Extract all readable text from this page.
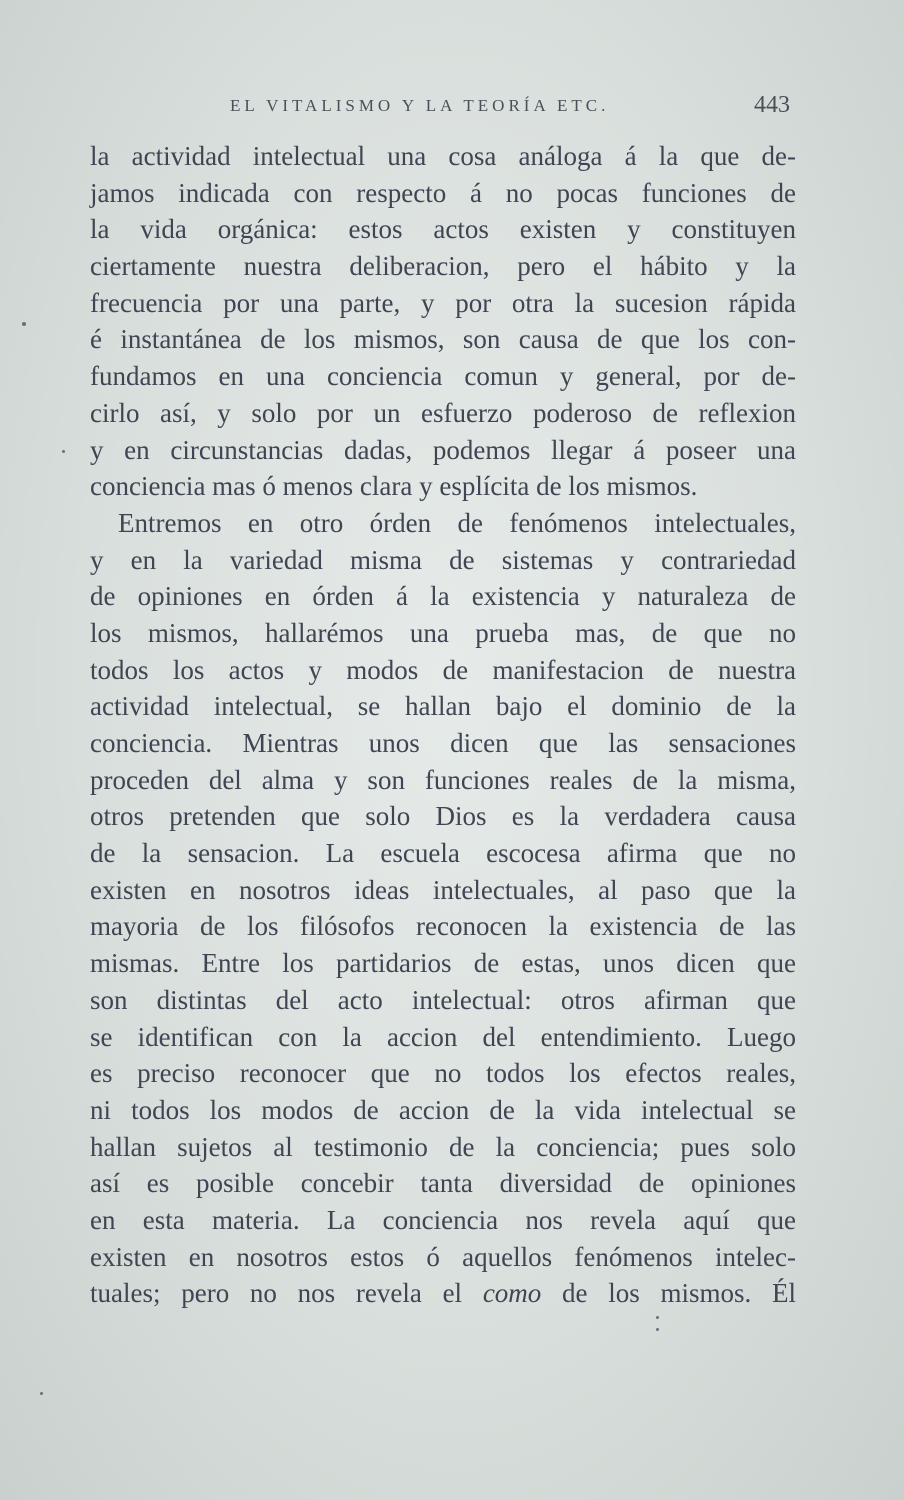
EL VITALISMO Y LA TEORÍA ETC.	443
la actividad intelectual una cosa análoga á la que de-
jamos indicada con respecto á no pocas funciones de
la vida orgánica: estos actos existen y constituyen
ciertamente nuestra deliberacion, pero el hábito y la
frecuencia por una parte, y por otra la sucesion rápida
é instantánea de los mismos, son causa de que los con-
fundamos en una conciencia comun y general, por de-
cirlo así, y solo por un esfuerzo poderoso de reflexion
y en circunstancias dadas, podemos llegar á poseer una
conciencia mas ó menos clara y esplícita de los mismos.
Entremos en otro órden de fenómenos intelectuales,
y en la variedad misma de sistemas y contrariedad
de opiniones en órden á la existencia y naturaleza de
los mismos, hallarémos una prueba mas, de que no
todos los actos y modos de manifestacion de nuestra
actividad intelectual, se hallan bajo el dominio de la
conciencia. Mientras unos dicen que las sensaciones
proceden del alma y son funciones reales de la misma,
otros pretenden que solo Dios es la verdadera causa
de la sensacion. La escuela escocesa afirma que no
existen en nosotros ideas intelectuales, al paso que la
mayoria de los filósofos reconocen la existencia de las
mismas. Entre los partidarios de estas, unos dicen que
son distintas del acto intelectual: otros afirman que
se identifican con la accion del entendimiento. Luego
es preciso reconocer que no todos los efectos reales,
ni todos los modos de accion de la vida intelectual se
hallan sujetos al testimonio de la conciencia; pues solo
así es posible concebir tanta diversidad de opiniones
en esta materia. La conciencia nos revela aquí que
existen en nosotros estos ó aquellos fenómenos intelec-
tuales; pero no nos revela el como de los mismos. Él
